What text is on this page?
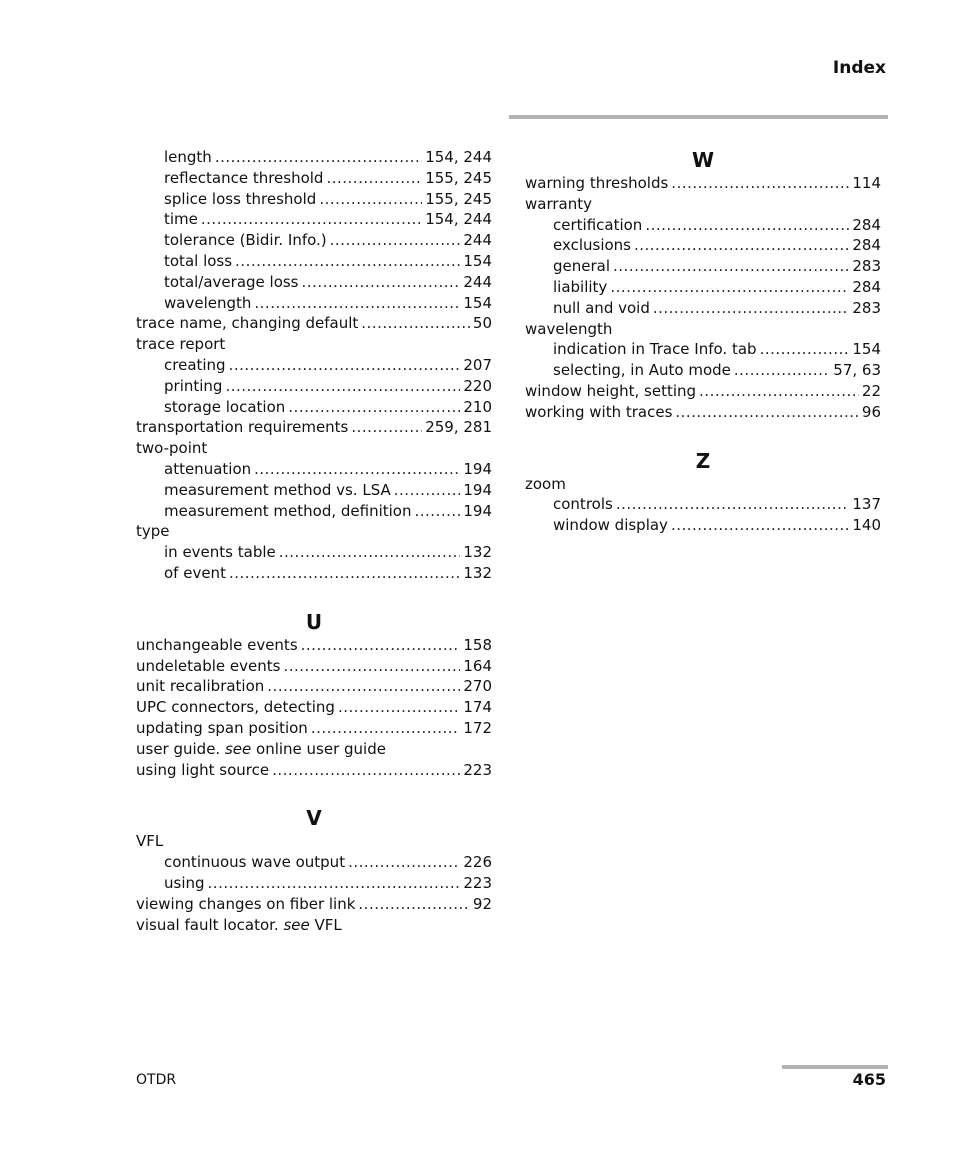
Index
length .....	154, 244
reflectance threshold .....	155, 245
splice loss threshold .....	155, 245
time .....	154, 244
tolerance (Bidir. Info.) .....	244
total loss .....	154
total/average loss .....	244
wavelength .....	154
trace name, changing default .....	50
trace report
creating .....	207
printing .....	220
storage location .....	210
transportation requirements .....	259, 281
two-point
attenuation .....	194
measurement method vs. LSA .....	194
measurement method, definition .....	194
type
in events table .....	132
of event .....	132
U
unchangeable events .....	158
undeletable events .....	164
unit recalibration .....	270
UPC connectors, detecting .....	174
updating span position .....	172
user guide. see online user guide
using light source .....	223
V
VFL
continuous wave output .....	226
using .....	223
viewing changes on fiber link .....	92
visual fault locator. see VFL
W
warning thresholds .....	114
warranty
certification .....	284
exclusions .....	284
general .....	283
liability .....	284
null and void .....	283
wavelength
indication in Trace Info. tab .....	154
selecting, in Auto mode .....	57, 63
window height, setting .....	22
working with traces .....	96
Z
zoom
controls .....	137
window display .....	140
OTDR	465
